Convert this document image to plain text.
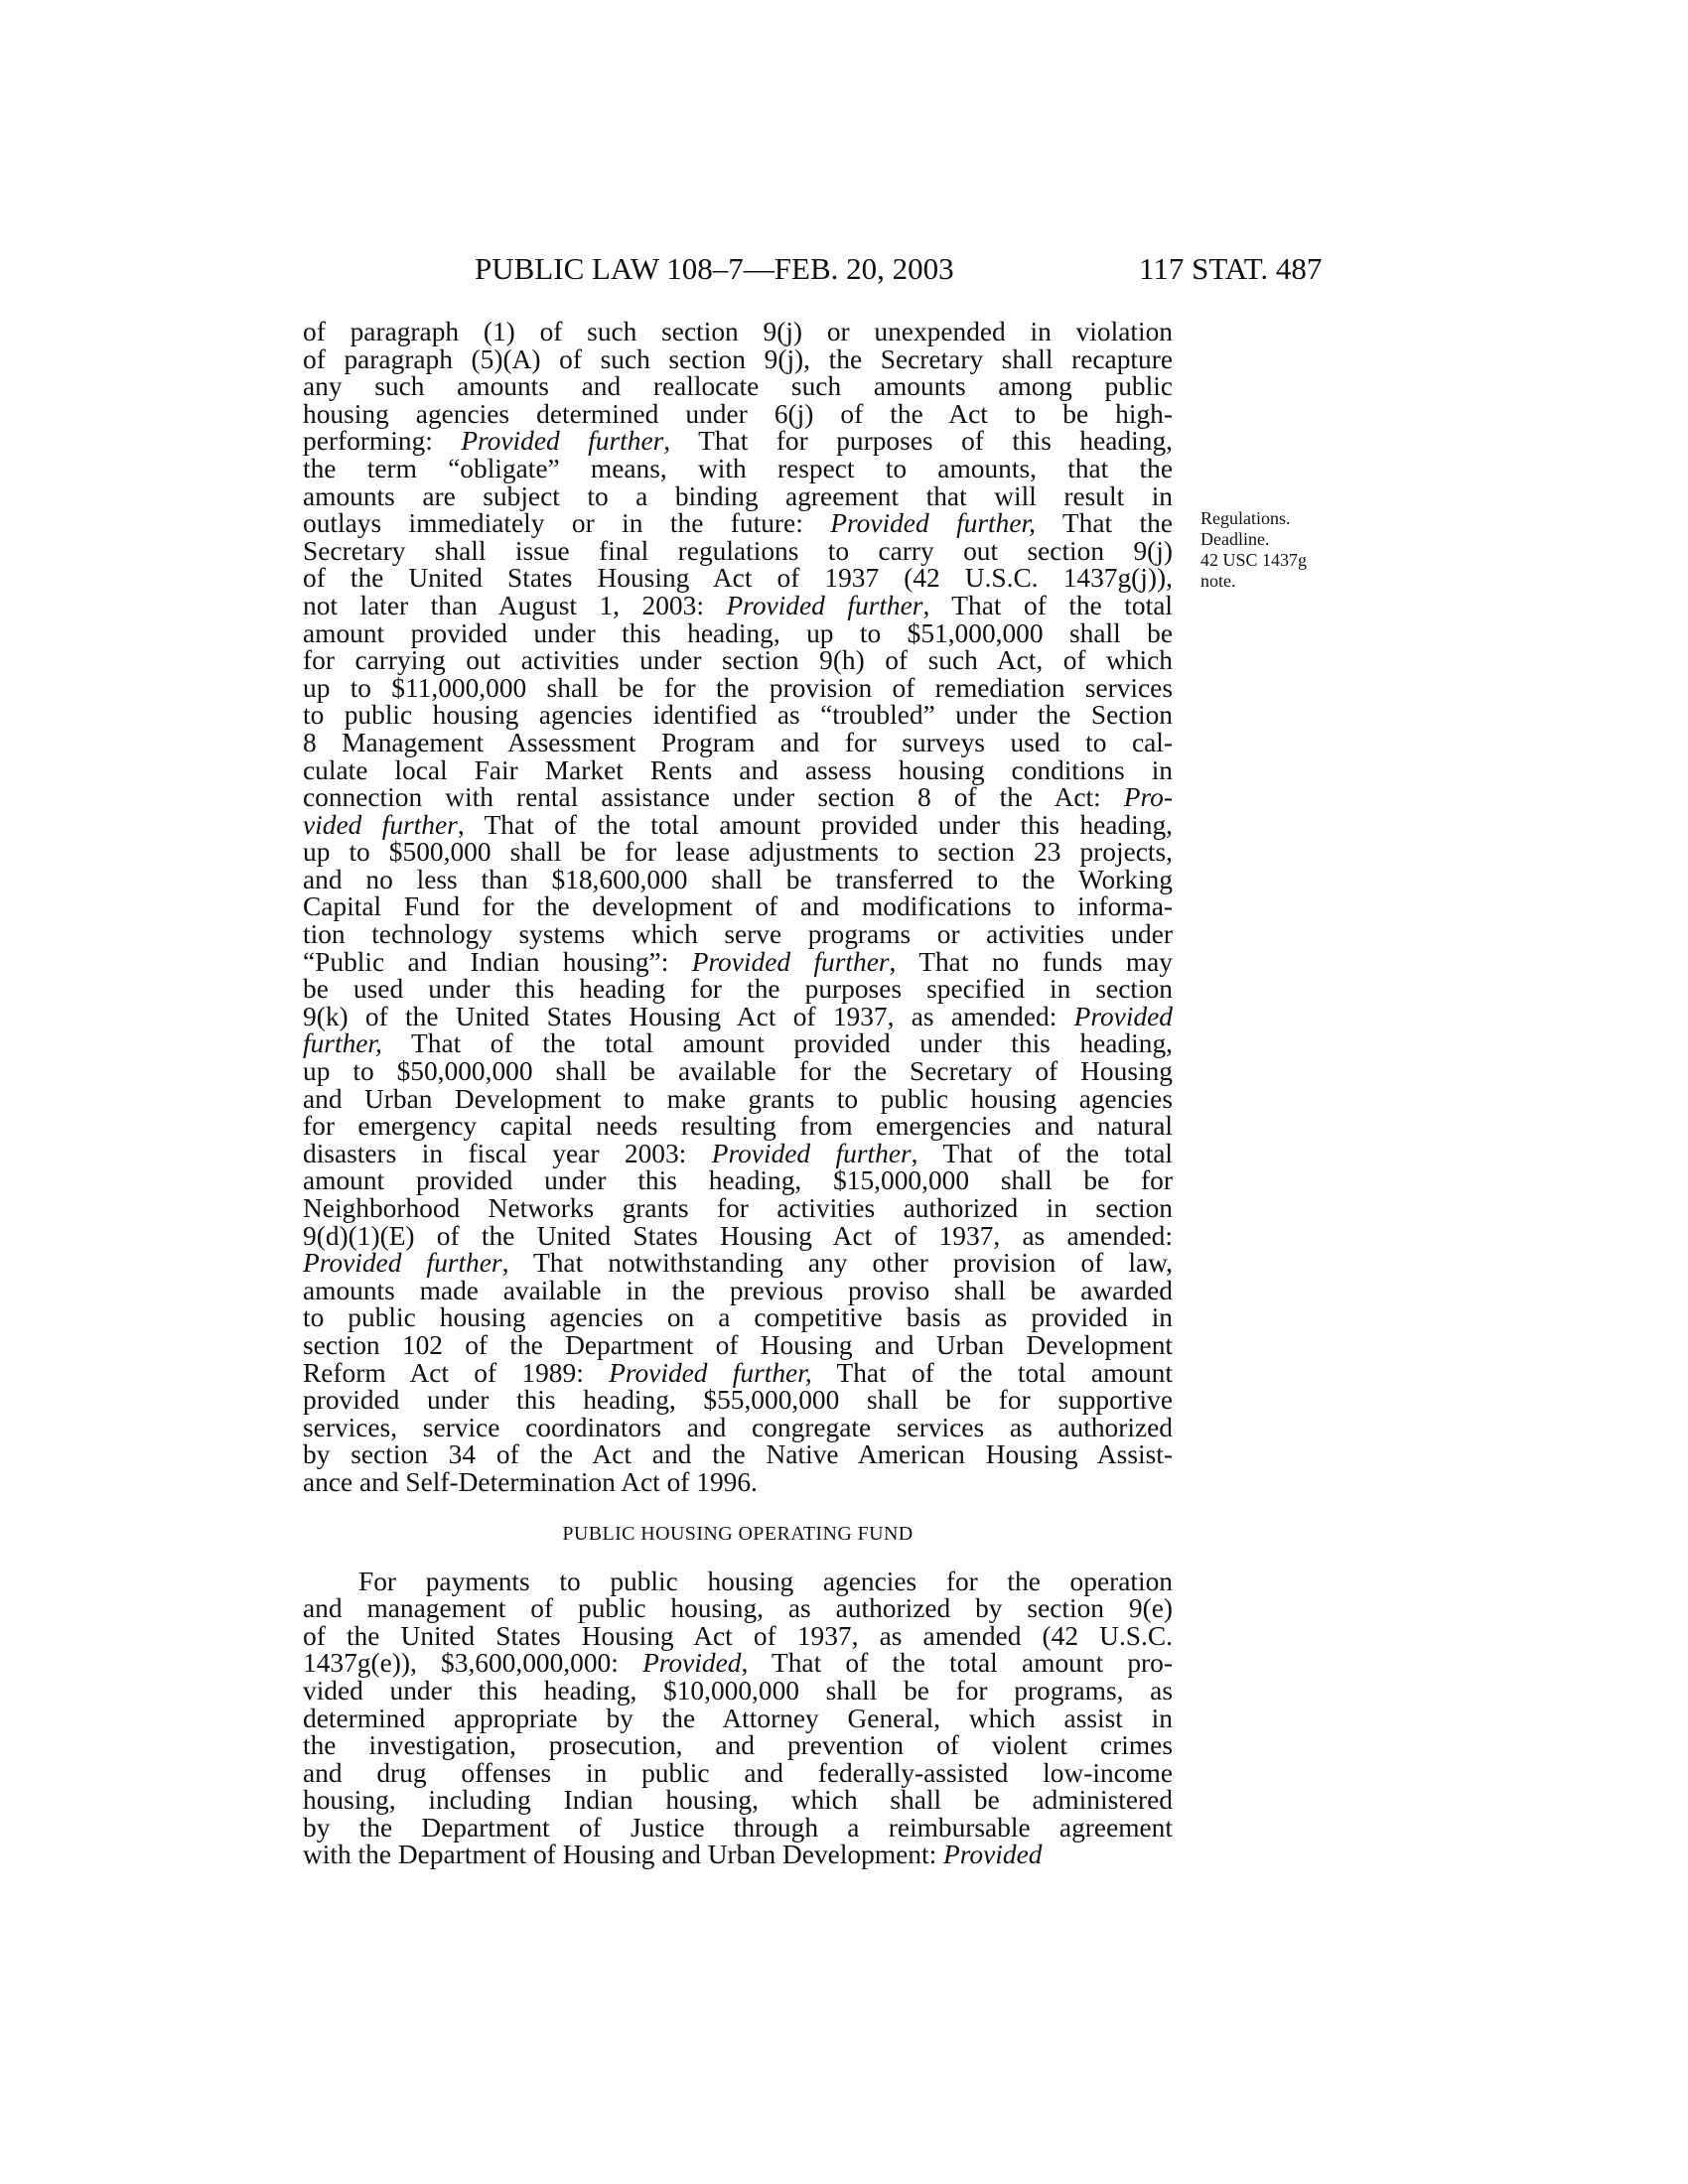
PUBLIC LAW 108–7—FEB. 20, 2003	117 STAT. 487
of paragraph (1) of such section 9(j) or unexpended in violation
of paragraph (5)(A) of such section 9(j), the Secretary shall recapture
any such amounts and reallocate such amounts among public
housing agencies determined under 6(j) of the Act to be high-
performing: Provided further, That for purposes of this heading,
the term “obligate” means, with respect to amounts, that the
amounts are subject to a binding agreement that will result in
outlays immediately or in the future: Provided further, That the
Secretary shall issue final regulations to carry out section 9(j)
of the United States Housing Act of 1937 (42 U.S.C. 1437g(j)),
not later than August 1, 2003: Provided further, That of the total
amount provided under this heading, up to $51,000,000 shall be
for carrying out activities under section 9(h) of such Act, of which
up to $11,000,000 shall be for the provision of remediation services
to public housing agencies identified as “troubled” under the Section
8 Management Assessment Program and for surveys used to cal-
culate local Fair Market Rents and assess housing conditions in
connection with rental assistance under section 8 of the Act: Pro-
vided further, That of the total amount provided under this heading,
up to $500,000 shall be for lease adjustments to section 23 projects,
and no less than $18,600,000 shall be transferred to the Working
Capital Fund for the development of and modifications to informa-
tion technology systems which serve programs or activities under
“Public and Indian housing”: Provided further, That no funds may
be used under this heading for the purposes specified in section
9(k) of the United States Housing Act of 1937, as amended: Provided
further, That of the total amount provided under this heading,
up to $50,000,000 shall be available for the Secretary of Housing
and Urban Development to make grants to public housing agencies
for emergency capital needs resulting from emergencies and natural
disasters in fiscal year 2003: Provided further, That of the total
amount provided under this heading, $15,000,000 shall be for
Neighborhood Networks grants for activities authorized in section
9(d)(1)(E) of the United States Housing Act of 1937, as amended:
Provided further, That notwithstanding any other provision of law,
amounts made available in the previous proviso shall be awarded
to public housing agencies on a competitive basis as provided in
section 102 of the Department of Housing and Urban Development
Reform Act of 1989: Provided further, That of the total amount
provided under this heading, $55,000,000 shall be for supportive
services, service coordinators and congregate services as authorized
by section 34 of the Act and the Native American Housing Assist-
ance and Self-Determination Act of 1996.
PUBLIC HOUSING OPERATING FUND
For payments to public housing agencies for the operation
and management of public housing, as authorized by section 9(e)
of the United States Housing Act of 1937, as amended (42 U.S.C.
1437g(e)), $3,600,000,000: Provided, That of the total amount pro-
vided under this heading, $10,000,000 shall be for programs, as
determined appropriate by the Attorney General, which assist in
the investigation, prosecution, and prevention of violent crimes
and drug offenses in public and federally-assisted low-income
housing, including Indian housing, which shall be administered
by the Department of Justice through a reimbursable agreement
with the Department of Housing and Urban Development: Provided
Regulations.
Deadline.
42 USC 1437g
note.
